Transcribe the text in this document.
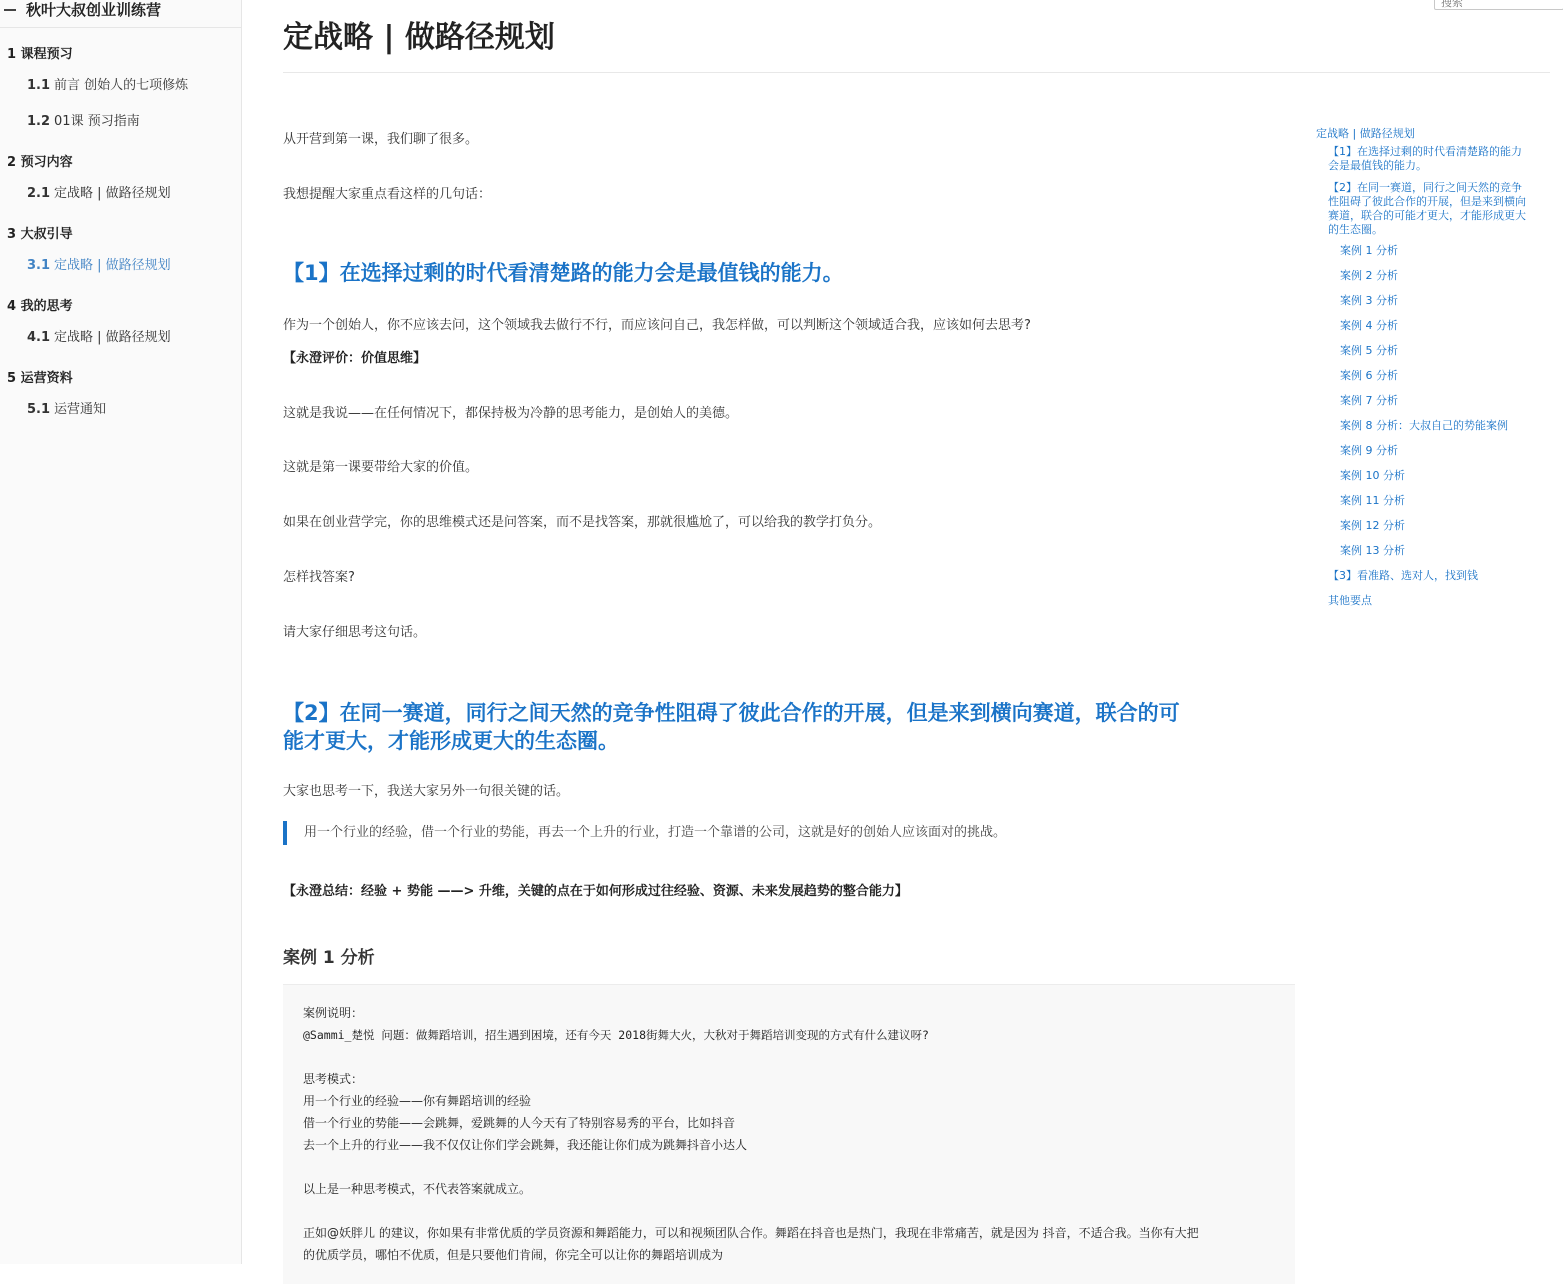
秋叶大叔创业训练营
1 课程预习
1.1 前言 创始人的七项修炼
1.2 01课 预习指南
2 预习内容
2.1 定战略 | 做路径规划
3 大叔引导
3.1 定战略 | 做路径规划
4 我的思考
4.1 定战略 | 做路径规划
5 运营资料
5.1 运营通知
搜索
定战略 | 做路径规划

从开营到第一课，我们聊了很多。

我想提醒大家重点看这样的几句话：

【1】在选择过剩的时代看清楚路的能力会是最值钱的能力。

作为一个创始人，你不应该去问，这个领域我去做行不行，而应该问自己，我怎样做，可以判断这个领域适合我，应该如何去思考?

【永澄评价：价值思维】

这就是我说——在任何情况下，都保持极为冷静的思考能力，是创始人的美德。

这就是第一课要带给大家的价值。

如果在创业营学完，你的思维模式还是问答案，而不是找答案，那就很尴尬了，可以给我的教学打负分。

怎样找答案?

请大家仔细思考这句话。

【2】在同一赛道，同行之间天然的竞争性阻碍了彼此合作的开展，但是来到横向赛道，联合的可
能才更大，才能形成更大的生态圈。

大家也思考一下，我送大家另外一句很关键的话。

用一个行业的经验，借一个行业的势能，再去一个上升的行业，打造一个靠谱的公司，这就是好的创始人应该面对的挑战。

【永澄总结：经验 + 势能 ——> 升维，关键的点在于如何形成过往经验、资源、未来发展趋势的整合能力】

案例 1 分析
案例说明：
@Sammi_楚悦 问题：做舞蹈培训，招生遇到困境，还有今天 2018街舞大火，大秋对于舞蹈培训变现的方式有什么建议呀?
思考模式：
用一个行业的经验——你有舞蹈培训的经验
借一个行业的势能——会跳舞，爱跳舞的人今天有了特别容易秀的平台，比如抖音
去一个上升的行业——我不仅仅让你们学会跳舞，我还能让你们成为跳舞抖音小达人
以上是一种思考模式，不代表答案就成立。
正如@妖胖儿 的建议，你如果有非常优质的学员资源和舞蹈能力，可以和视频团队合作。舞蹈在抖音也是热门，我现在非常痛苦，就是因为 抖音，不适合我。当你有大把
的优质学员，哪怕不优质，但是只要他们肯闹，你完全可以让你的舞蹈培训成为
定战略 | 做路径规划
【1】在选择过剩的时代看清楚路的能力
会是最值钱的能力。
【2】在同一赛道，同行之间天然的竞争
性阻碍了彼此合作的开展，但是来到横向
赛道，联合的可能才更大，才能形成更大
的生态圈。
案例 1 分析
案例 2 分析
案例 3 分析
案例 4 分析
案例 5 分析
案例 6 分析
案例 7 分析
案例 8 分析：大叔自己的势能案例
案例 9 分析
案例 10 分析
案例 11 分析
案例 12 分析
案例 13 分析
【3】看准路、选对人，找到钱
其他要点
